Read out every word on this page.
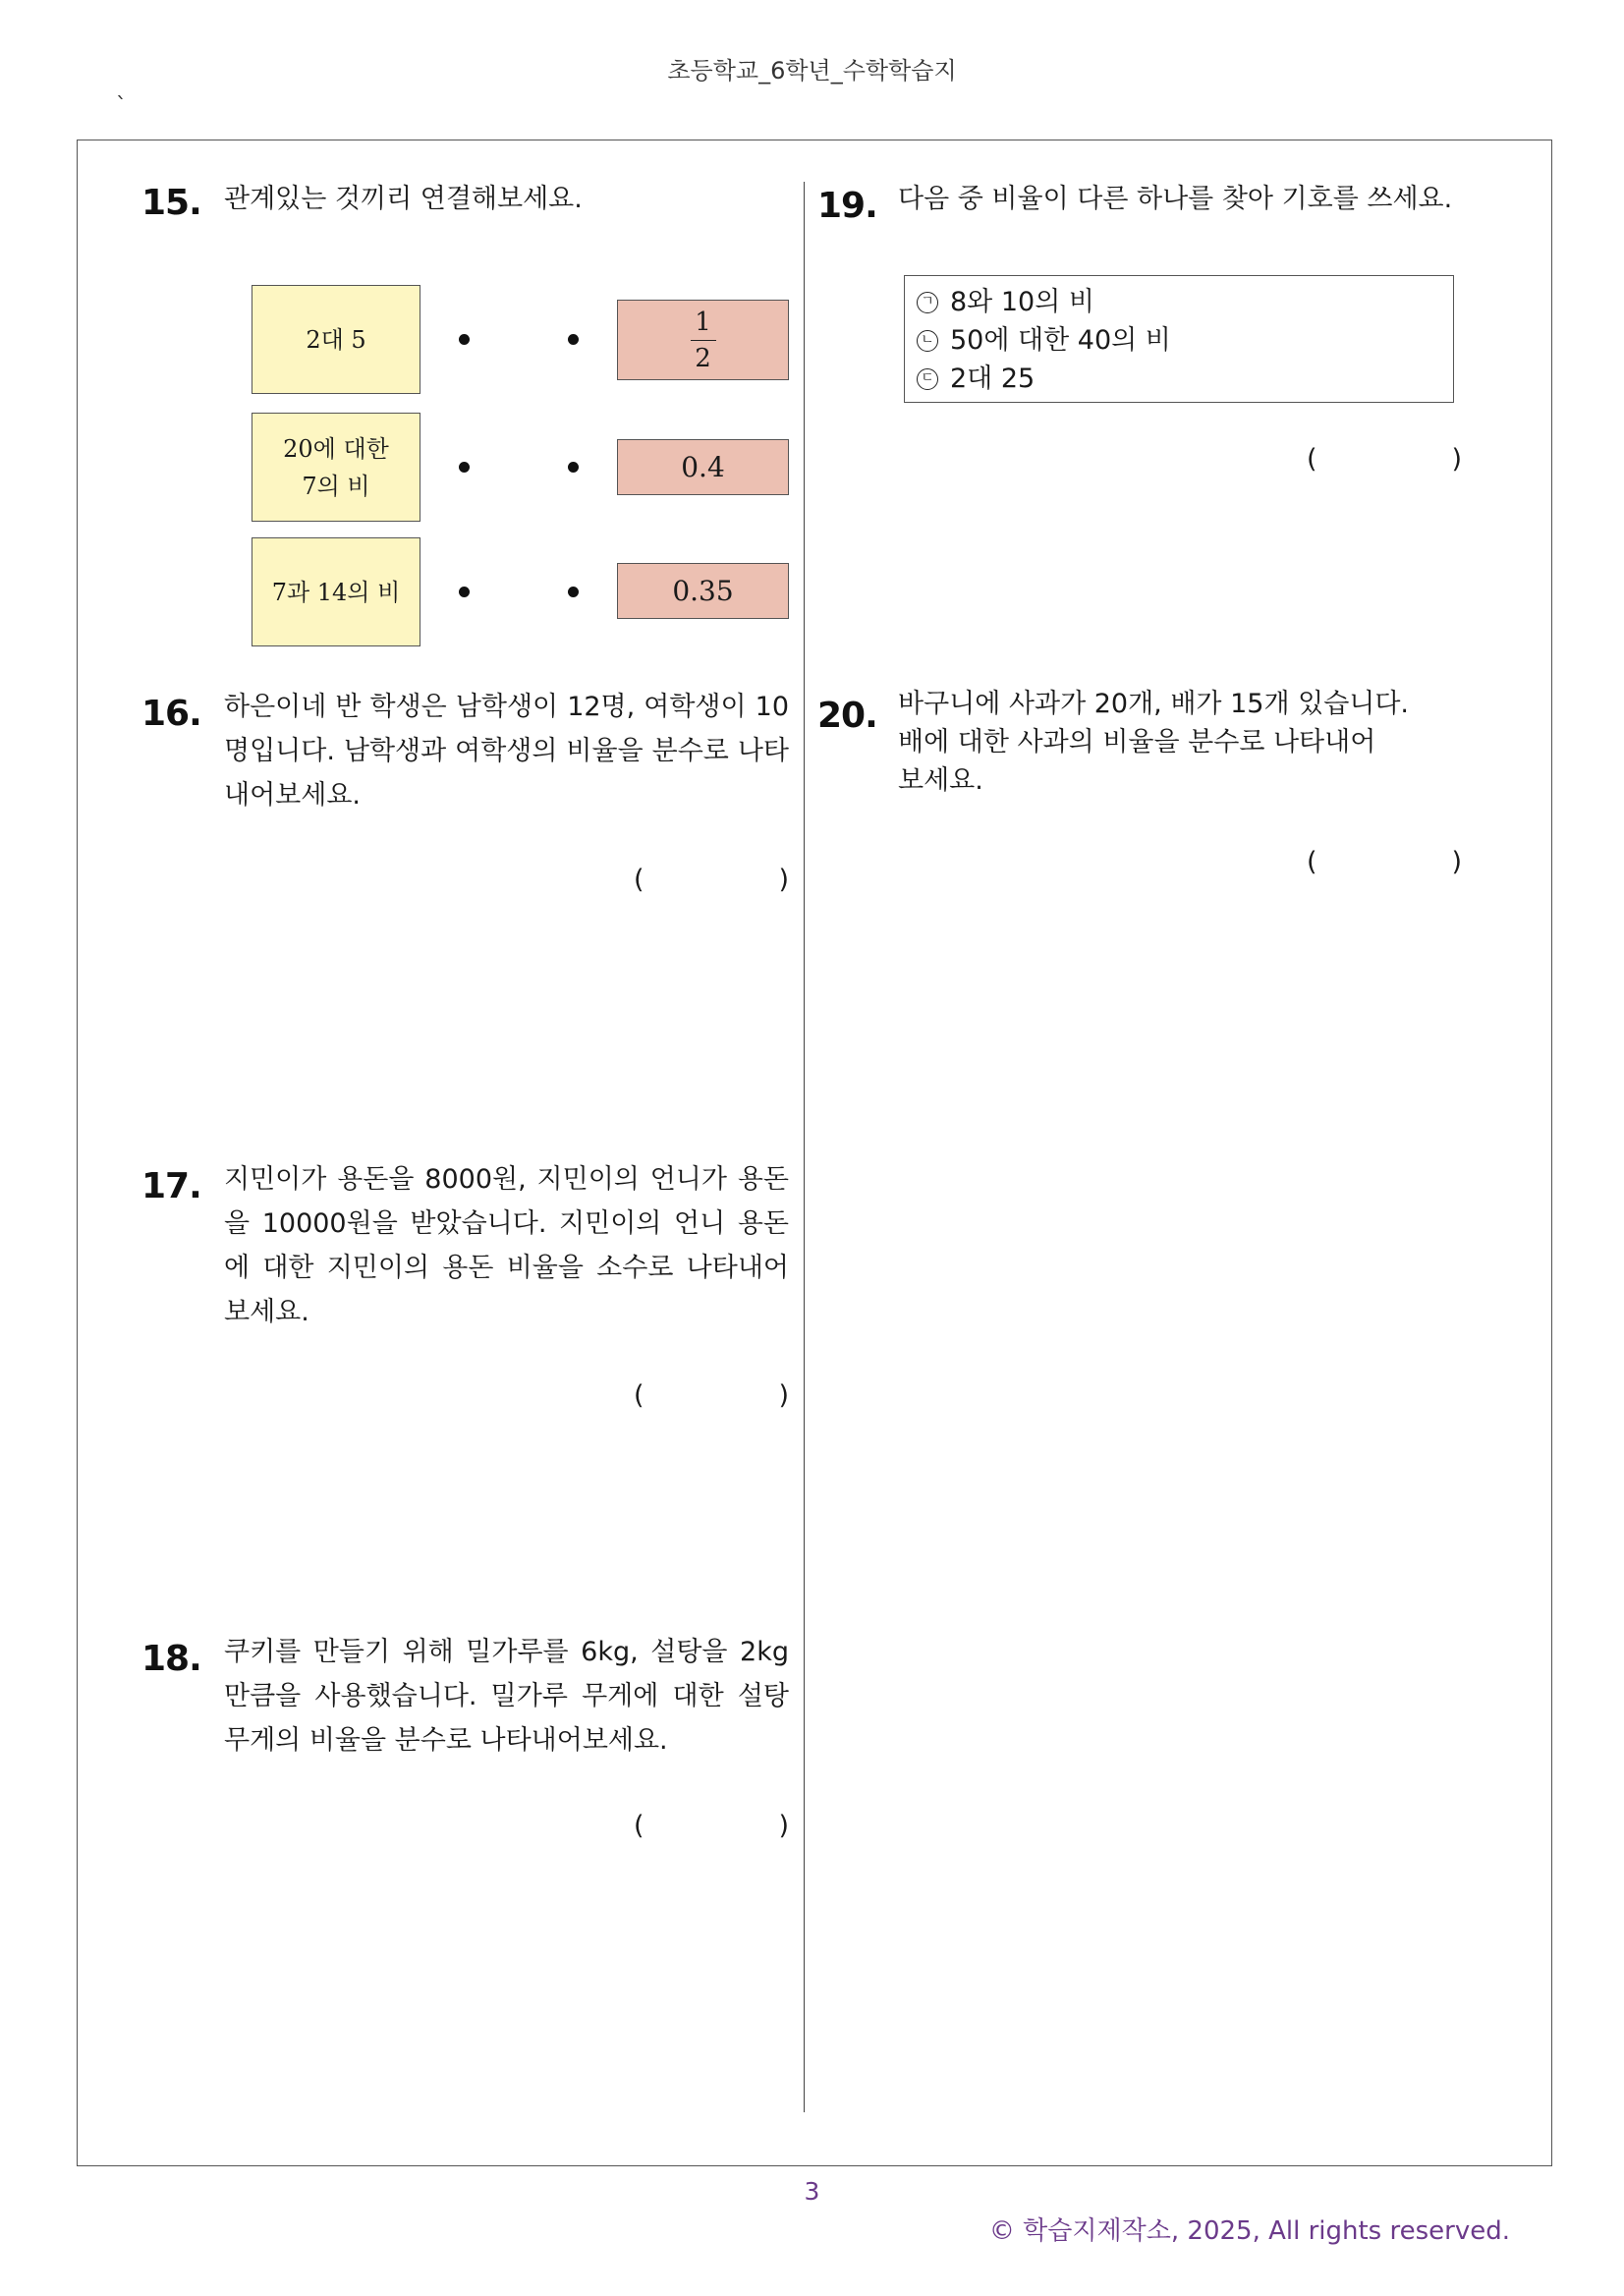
초등학교_6학년_수학학습지
`
15. 관계있는 것끼리 연결해보세요.
2대 5
20에 대한
7의 비
7과 14의 비
$\frac{1}{2}$
0.4
0.35
16. 하은이네 반 학생은 남학생이 12명, 여학생이 10명입니다. 남학생과 여학생의 비율을 분수로 나타내어보세요.
(	)
17. 지민이가 용돈을 8000원, 지민이의 언니가 용돈을 10000원을 받았습니다. 지민이의 언니 용돈에 대한 지민이의 용돈 비율을 소수로 나타내어 보세요.
(	)
18. 쿠키를 만들기 위해 밀가루를 6kg, 설탕을 2kg 만큼을 사용했습니다. 밀가루 무게에 대한 설탕 무게의 비율을 분수로 나타내어보세요.
(	)
19. 다음 중 비율이 다른 하나를 찾아 기호를 쓰세요.
ㄱ 8와 10의 비
ㄴ 50에 대한 40의 비
ㄷ 2대 25
(	)
20. 바구니에 사과가 20개, 배가 15개 있습니다.
배에 대한 사과의 비율을 분수로 나타내어
보세요.
(	)
3
© 학습지제작소, 2025, All rights reserved.
